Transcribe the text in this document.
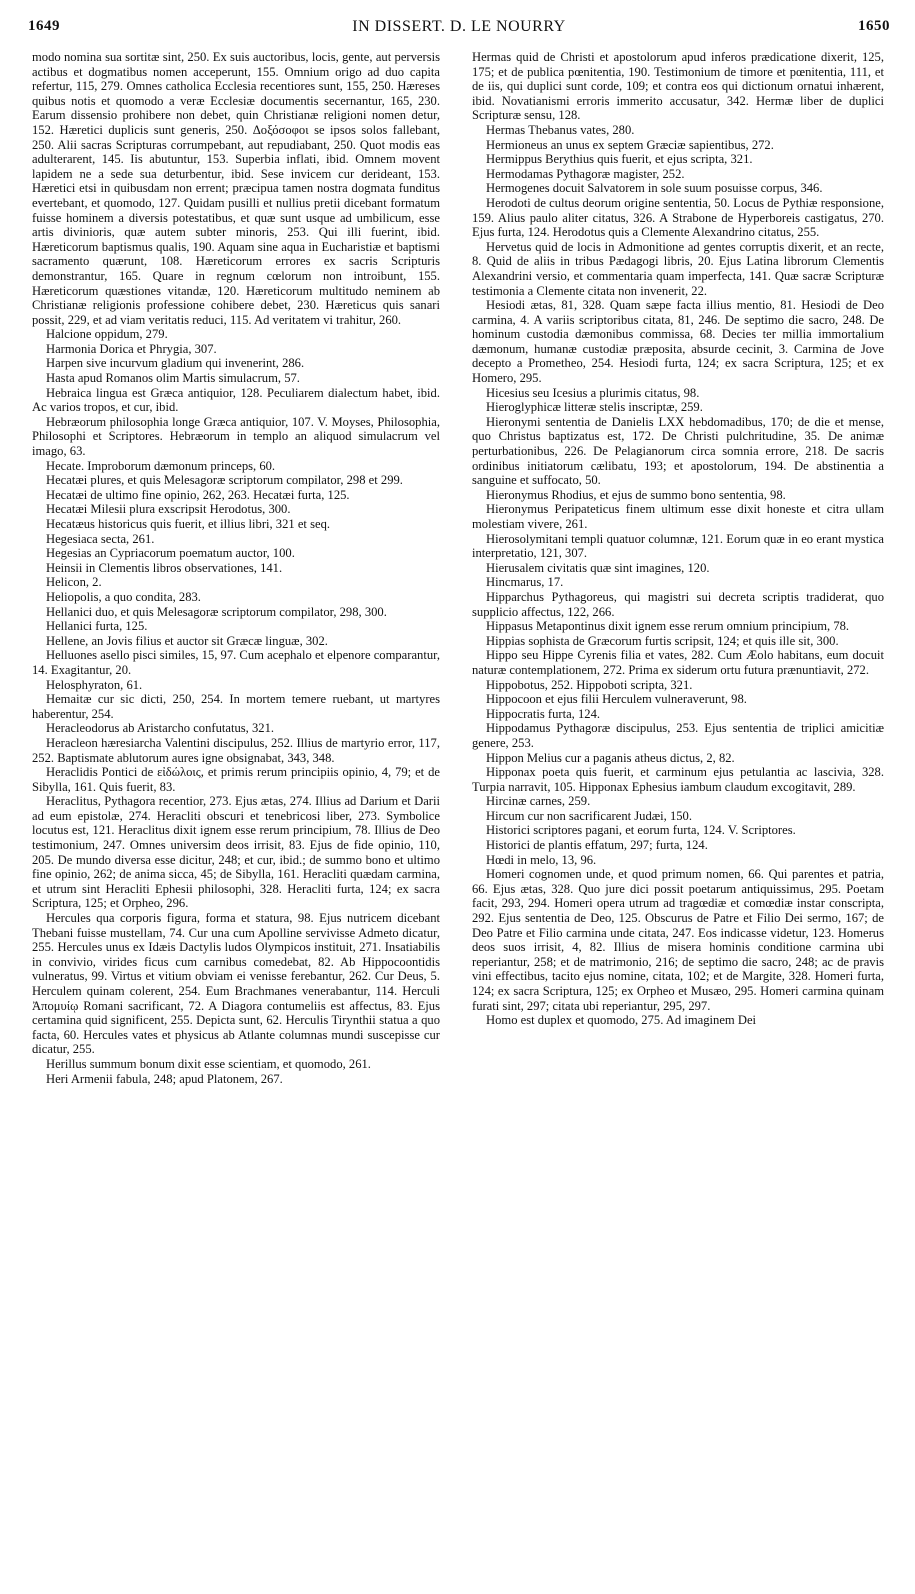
1649	IN DISSERT. D. LE NOURRY	1650

modo nomina sua sortitæ sint, 250. Ex suis auctoribus, locis, gente, aut perversis actibus et dogmatibus nomen acceperunt, 155. Omnium origo ad duo capita refertur, 115, 279. Omnes catholica Ecclesia recentiores sunt, 155, 250. Hæreses quibus notis et quomodo a veræ Ecclesiæ documentis secernantur, 165, 230. Earum dissensio prohibere non debet, quin Christianæ religioni nomen detur, 152. Hæretici duplicis sunt generis, 250. Δοξόσοφοι se ipsos solos fallebant, 250. Alii sacras Scripturas corrumpebant, aut repudiabant, 250. Quot modis eas adulterarent, 145. Iis abutuntur, 153. Superbia inflati, ibid. Omnem movent lapidem ne a sede sua deturbentur, ibid. Sese invicem cur derideant, 153. Hæretici etsi in quibusdam non errent; præcipua tamen nostra dogmata funditus evertebant, et quomodo, 127. Quidam pusilli et nullius pretii dicebant formatum fuisse hominem a diversis potestatibus, et quæ sunt usque ad umbilicum, esse artis divinioris, quæ autem subter minoris, 253. Qui illi fuerint, ibid. Hæreticorum baptismus qualis, 190. Aquam sine aqua in Eucharistiæ et baptismi sacramento quærunt, 108. Hæreticorum errores ex sacris Scripturis demonstrantur, 165. Quare in regnum cœlorum non introibunt, 155. Hæreticorum quæstiones vitandæ, 120. Hæreticorum multitudo neminem ab Christianæ religionis professione cohibere debet, 230. Hæreticus quis sanari possit, 229, et ad viam veritatis reduci, 115. Ad veritatem vi trahitur, 260.

Halcione oppidum, 279.

Harmonia Dorica et Phrygia, 307.

Harpen sive incurvum gladium qui invenerint, 286.

Hasta apud Romanos olim Martis simulacrum, 57.

Hebraica lingua est Græca antiquior, 128. Peculiarem dialectum habet, ibid. Ac varios tropos, et cur, ibid.

Hebræorum philosophia longe Græca antiquior, 107. V. Moyses, Philosophia, Philosophi et Scriptores. Hebræorum in templo an aliquod simulacrum vel imago, 63.

Hecate. Improborum dæmonum princeps, 60.

Hecatæi plures, et quis Melesagoræ scriptorum compilator, 298 et 299.

Hecatæi de ultimo fine opinio, 262, 263. Hecatæi furta, 125.

Hecatæi Milesii plura exscripsit Herodotus, 300.

Hecatæus historicus quis fuerit, et illius libri, 321 et seq.

Hegesiaca secta, 261.

Hegesias an Cypriacorum poematum auctor, 100.

Heinsii in Clementis libros observationes, 141.

Helicon, 2.

Heliopolis, a quo condita, 283.

Hellanici duo, et quis Melesagoræ scriptorum compilator, 298, 300.

Hellanici furta, 125.

Hellene, an Jovis filius et auctor sit Græcæ linguæ, 302.

Helluones asello pisci similes, 15, 97. Cum acephalo et elpenore comparantur, 14. Exagitantur, 20.

Helosphyraton, 61.

Hemaitæ cur sic dicti, 250, 254. In mortem temere ruebant, ut martyres haberentur, 254.

Heracleodorus ab Aristarcho confutatus, 321.

Heracleon hæresiarcha Valentini discipulus, 252. Illius de martyrio error, 117, 252. Baptismate ablutorum aures igne obsignabat, 343, 348.

Heraclidis Pontici de εἰδώλοις, et primis rerum principiis opinio, 4, 79; et de Sibylla, 161. Quis fuerit, 83.

Heraclitus, Pythagora recentior, 273. Ejus ætas, 274. Illius ad Darium et Darii ad eum epistolæ, 274. Heracliti obscuri et tenebricosi liber, 273. Symbolice locutus est, 121. Heraclitus dixit ignem esse rerum principium, 78. Illius de Deo testimonium, 247. Omnes universim deos irrisit, 83. Ejus de fide opinio, 110, 205. De mundo diversa esse dicitur, 248; et cur, ibid.; de summo bono et ultimo fine opinio, 262; de anima sicca, 45; de Sibylla, 161. Heracliti quædam carmina, et utrum sint Heracliti Ephesii philosophi, 328. Heracliti furta, 124; ex sacra Scriptura, 125; et Orpheo, 296.

Hercules qua corporis figura, forma et statura, 98. Ejus nutricem dicebant Thebani fuisse mustellam, 74. Cur una cum Apolline servivisse Admeto dicatur, 255. Hercules unus ex Idæis Dactylis ludos Olympicos instituit, 271. Insatiabilis in convivio, virides ficus cum carnibus comedebat, 82. Ab Hippocoontidis vulneratus, 99. Virtus et vitium obviam ei venisse ferebantur, 262. Cur Deus, 5. Herculem quinam colerent, 254. Eum Brachmanes venerabantur, 114. Herculi Ἀπομυίῳ Romani sacrificant, 72. A Diagora contumeliis est affectus, 83. Ejus certamina quid significent, 255. Depicta sunt, 62. Herculis Tirynthii statua a quo facta, 60. Hercules vates et physicus ab Atlante columnas mundi suscepisse cur dicatur, 255.

Herillus summum bonum dixit esse scientiam, et quomodo, 261.

Heri Armenii fabula, 248; apud Platonem, 267.

Hermas quid de Christi et apostolorum apud inferos prædicatione dixerit, 125, 175; et de publica pœnitentia, 190. Testimonium de timore et pœnitentia, 111, et de iis, qui duplici sunt corde, 109; et contra eos qui dictionum ornatui inhærent, ibid. Novatianismi erroris immerito accusatur, 342. Hermæ liber de duplici Scripturæ sensu, 128.

Hermas Thebanus vates, 280.

Hermioneus an unus ex septem Græciæ sapientibus, 272.

Hermippus Berythius quis fuerit, et ejus scripta, 321.

Hermodamas Pythagoræ magister, 252.

Hermogenes docuit Salvatorem in sole suum posuisse corpus, 346.

Herodoti de cultus deorum origine sententia, 50. Locus de Pythiæ responsione, 159. Alius paulo aliter citatus, 326. A Strabone de Hyperboreis castigatus, 270. Ejus furta, 124. Herodotus quis a Clemente Alexandrino citatus, 255.

Hervetus quid de locis in Admonitione ad gentes corruptis dixerit, et an recte, 8. Quid de aliis in tribus Pædagogi libris, 20. Ejus Latina librorum Clementis Alexandrini versio, et commentaria quam imperfecta, 141. Quæ sacræ Scripturæ testimonia a Clemente citata non invenerit, 22.

Hesiodi ætas, 81, 328. Quam sæpe facta illius mentio, 81. Hesiodi de Deo carmina, 4. A variis scriptoribus citata, 81, 246. De septimo die sacro, 248. De hominum custodia dæmonibus commissa, 68. Decies ter millia immortalium dæmonum, humanæ custodiæ præposita, absurde cecinit, 3. Carmina de Jove decepto a Prometheo, 254. Hesiodi furta, 124; ex sacra Scriptura, 125; et ex Homero, 295.

Hicesius seu Icesius a plurimis citatus, 98.

Hieroglyphicæ litteræ stelis inscriptæ, 259.

Hieronymi sententia de Danielis LXX hebdomadibus, 170; de die et mense, quo Christus baptizatus est, 172. De Christi pulchritudine, 35. De animæ perturbationibus, 226. De Pelagianorum circa somnia errore, 218. De sacris ordinibus initiatorum cælibatu, 193; et apostolorum, 194. De abstinentia a sanguine et suffocato, 50.

Hieronymus Rhodius, et ejus de summo bono sententia, 98.

Hieronymus Peripateticus finem ultimum esse dixit honeste et citra ullam molestiam vivere, 261.

Hierosolymitani templi quatuor columnæ, 121. Eorum quæ in eo erant mystica interpretatio, 121, 307.

Hierusalem civitatis quæ sint imagines, 120.

Hincmarus, 17.

Hipparchus Pythagoreus, qui magistri sui decreta scriptis tradiderat, quo supplicio affectus, 122, 266.

Hippasus Metapontinus dixit ignem esse rerum omnium principium, 78.

Hippias sophista de Græcorum furtis scripsit, 124; et quis ille sit, 300.

Hippo seu Hippe Cyrenis filia et vates, 282. Cum Æolo habitans, eum docuit naturæ contemplationem, 272. Prima ex siderum ortu futura prænuntiavit, 272.

Hippobotus, 252. Hippoboti scripta, 321.

Hippocoon et ejus filii Herculem vulneraverunt, 98.

Hippocratis furta, 124.

Hippodamus Pythagoræ discipulus, 253. Ejus sententia de triplici amicitiæ genere, 253.

Hippon Melius cur a paganis atheus dictus, 2, 82.

Hipponax poeta quis fuerit, et carminum ejus petulantia ac lascivia, 328. Turpia narravit, 105. Hipponax Ephesius iambum claudum excogitavit, 289.

Hircinæ carnes, 259.

Hircum cur non sacrificarent Judæi, 150.

Historici scriptores pagani, et eorum furta, 124. V. Scriptores.

Historici de plantis effatum, 297; furta, 124.

Hœdi in melo, 13, 96.

Homeri cognomen unde, et quod primum nomen, 66. Qui parentes et patria, 66. Ejus ætas, 328. Quo jure dici possit poetarum antiquissimus, 295. Poetam facit, 293, 294. Homeri opera utrum ad tragœdiæ et comœdiæ instar conscripta, 292. Ejus sententia de Deo, 125. Obscurus de Patre et Filio Dei sermo, 167; de Deo Patre et Filio carmina unde citata, 247. Eos indicasse videtur, 123. Homerus deos suos irrisit, 4, 82. Illius de misera hominis conditione carmina ubi reperiantur, 258; et de matrimonio, 216; de septimo die sacro, 248; ac de pravis vini effectibus, tacito ejus nomine, citata, 102; et de Margite, 328. Homeri furta, 124; ex sacra Scriptura, 125; ex Orpheo et Musæo, 295. Homeri carmina quinam furati sint, 297; citata ubi reperiantur, 295, 297.

Homo est duplex et quomodo, 275. Ad imaginem Dei
